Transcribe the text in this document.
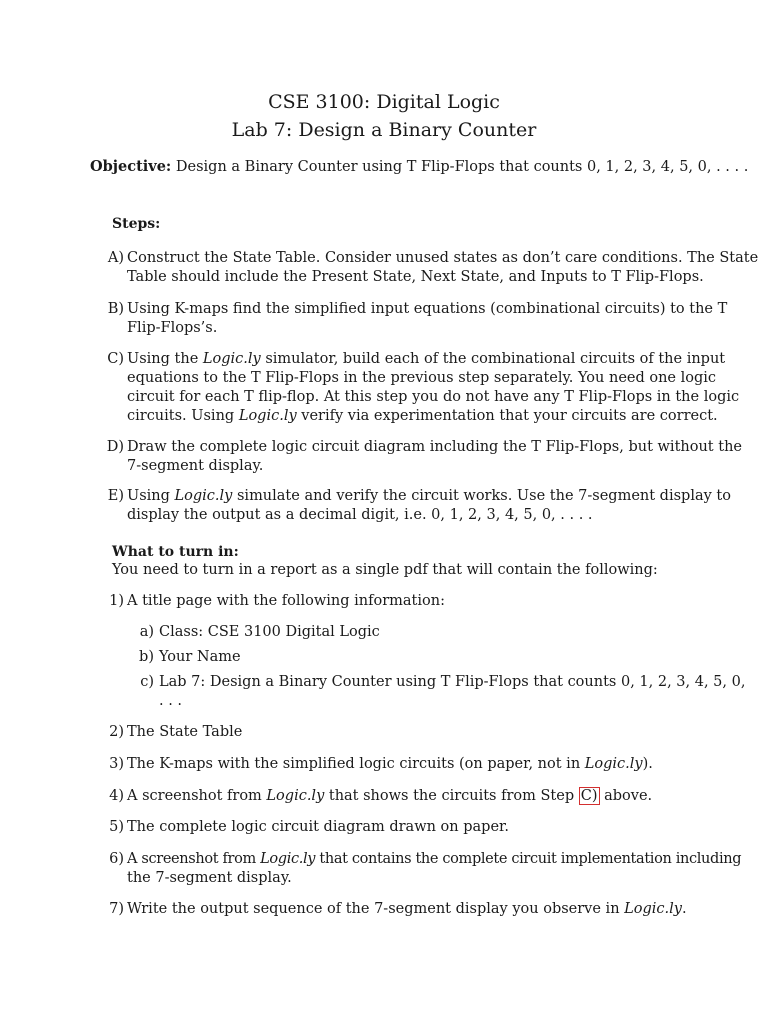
CSE 3100: Digital Logic
Lab 7: Design a Binary Counter
Objective: Design a Binary Counter using T Flip-Flops that counts 0, 1, 2, 3, 4, 5, 0, . . . .
Steps:
A) Construct the State Table. Consider unused states as don’t care conditions. The State
Table should include the Present State, Next State, and Inputs to T Flip-Flops.
B) Using K-maps find the simplified input equations (combinational circuits) to the T
Flip-Flops’s.
C) Using the Logic.ly simulator, build each of the combinational circuits of the input
equations to the T Flip-Flops in the previous step separately. You need one logic
circuit for each T flip-flop. At this step you do not have any T Flip-Flops in the logic
circuits. Using Logic.ly verify via experimentation that your circuits are correct.
D) Draw the complete logic circuit diagram including the T Flip-Flops, but without the
7-segment display.
E) Using Logic.ly simulate and verify the circuit works. Use the 7-segment display to
display the output as a decimal digit, i.e. 0, 1, 2, 3, 4, 5, 0, . . . .
What to turn in:
You need to turn in a report as a single pdf that will contain the following:
1) A title page with the following information:
a) Class: CSE 3100 Digital Logic
b) Your Name
c) Lab 7: Design a Binary Counter using T Flip-Flops that counts 0, 1, 2, 3, 4, 5, 0,
. . .
2) The State Table
3) The K-maps with the simplified logic circuits (on paper, not in Logic.ly).
4) A screenshot from Logic.ly that shows the circuits from Step C) above.
5) The complete logic circuit diagram drawn on paper.
6) A screenshot from Logic.ly that contains the complete circuit implementation including
the 7-segment display.
7) Write the output sequence of the 7-segment display you observe in Logic.ly.
